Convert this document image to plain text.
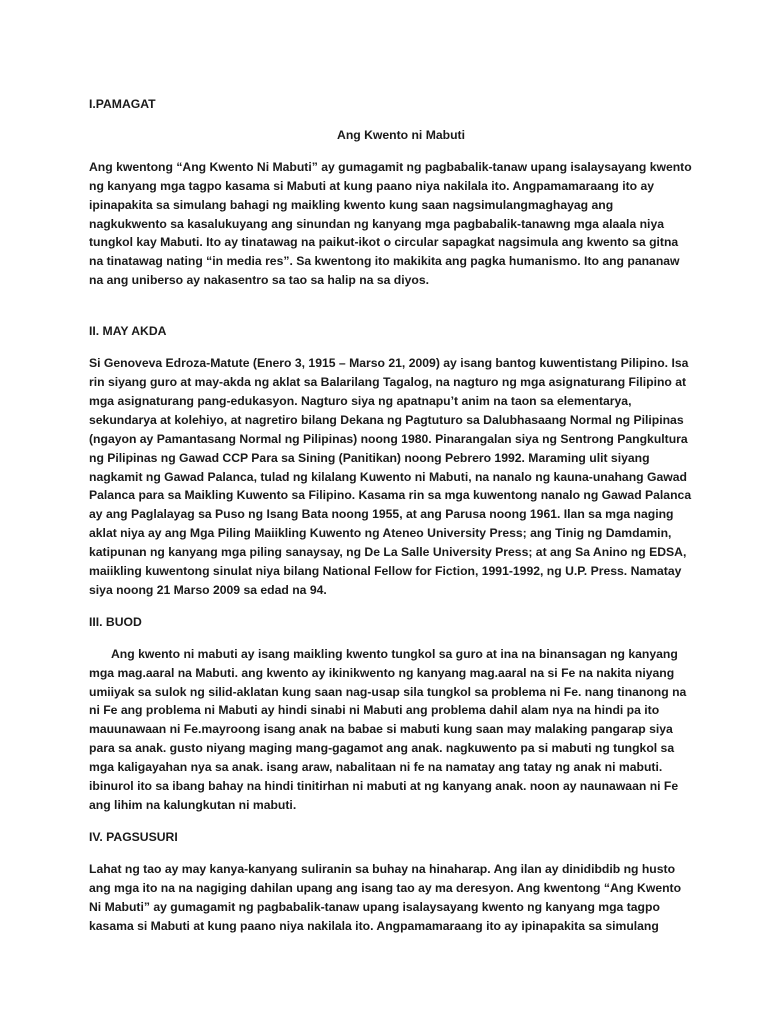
I.PAMAGAT
Ang Kwento ni Mabuti

Ang kwentong “Ang Kwento Ni Mabuti” ay gumagamit ng pagbabalik-tanaw upang isalaysayang kwento ng kanyang mga tagpo kasama si Mabuti at kung paano niya nakilala ito. Angpamamaraang ito ay ipinapakita sa simulang bahagi ng maikling kwento kung saan nagsimulangmaghayag ang nagkukwento sa kasalukuyang ang sinundan ng kanyang mga pagbabalik-tanawng mga alaala niya tungkol kay Mabuti. Ito ay tinatawag na paikut-ikot o circular sapagkat nagsimula ang kwento sa gitna na tinatawag nating “in media res”. Sa kwentong ito makikita ang pagka humanismo. Ito ang pananaw na ang uniberso ay nakasentro sa tao sa halip na sa diyos.

II. MAY AKDA

Si Genoveva Edroza-Matute (Enero 3, 1915 – Marso 21, 2009) ay isang bantog kuwentistang Pilipino. Isa rin siyang guro at may-akda ng aklat sa Balarilang Tagalog, na nagturo ng mga asignaturang Filipino at mga asignaturang pang-edukasyon. Nagturo siya ng apatnapu’t anim na taon sa elementarya, sekundarya at kolehiyo, at nagretiro bilang Dekana ng Pagtuturo sa Dalubhasaang Normal ng Pilipinas (ngayon ay Pamantasang Normal ng Pilipinas) noong 1980. Pinarangalan siya ng Sentrong Pangkultura ng Pilipinas ng Gawad CCP Para sa Sining (Panitikan) noong Pebrero 1992. Maraming ulit siyang nagkamit ng Gawad Palanca, tulad ng kilalang Kuwento ni Mabuti, na nanalo ng kauna-unahang Gawad Palanca para sa Maikling Kuwento sa Filipino. Kasama rin sa mga kuwentong nanalo ng Gawad Palanca ay ang Paglalayag sa Puso ng Isang Bata noong 1955, at ang Parusa noong 1961. Ilan sa mga naging aklat niya ay ang Mga Piling Maiikling Kuwento ng Ateneo University Press; ang Tinig ng Damdamin, katipunan ng kanyang mga piling sanaysay, ng De La Salle University Press; at ang Sa Anino ng EDSA, maiikling kuwentong sinulat niya bilang National Fellow for Fiction, 1991-1992, ng U.P. Press. Namatay siya noong 21 Marso 2009 sa edad na 94.

III. BUOD

Ang kwento ni mabuti ay isang maikling kwento tungkol sa guro at ina na binansagan ng kanyang mga mag.aaral na Mabuti. ang kwento ay ikinikwento ng kanyang mag.aaral na si Fe na nakita niyang umiiyak sa sulok ng silid-aklatan kung saan nag-usap sila tungkol sa problema ni Fe. nang tinanong na ni Fe ang problema ni Mabuti ay hindi sinabi ni Mabuti ang problema dahil alam nya na hindi pa ito mauunawaan ni Fe.mayroong isang anak na babae si mabuti kung saan may malaking pangarap siya para sa anak. gusto niyang maging mang-gagamot ang anak. nagkuwento pa si mabuti ng tungkol sa mga kaligayahan nya sa anak. isang araw, nabalitaan ni fe na namatay ang tatay ng anak ni mabuti. ibinurol ito sa ibang bahay na hindi tinitirhan ni mabuti at ng kanyang anak. noon ay naunawaan ni Fe ang lihim na kalungkutan ni mabuti.

IV. PAGSUSURI

Lahat ng tao ay may kanya-kanyang suliranin sa buhay na hinaharap. Ang ilan ay dinidibdib ng husto ang mga ito na na nagiging dahilan upang ang isang tao ay ma deresyon. Ang kwentong “Ang Kwento Ni Mabuti” ay gumagamit ng pagbabalik-tanaw upang isalaysayang kwento ng kanyang mga tagpo kasama si Mabuti at kung paano niya nakilala ito. Angpamamaraang ito ay ipinapakita sa simulang
